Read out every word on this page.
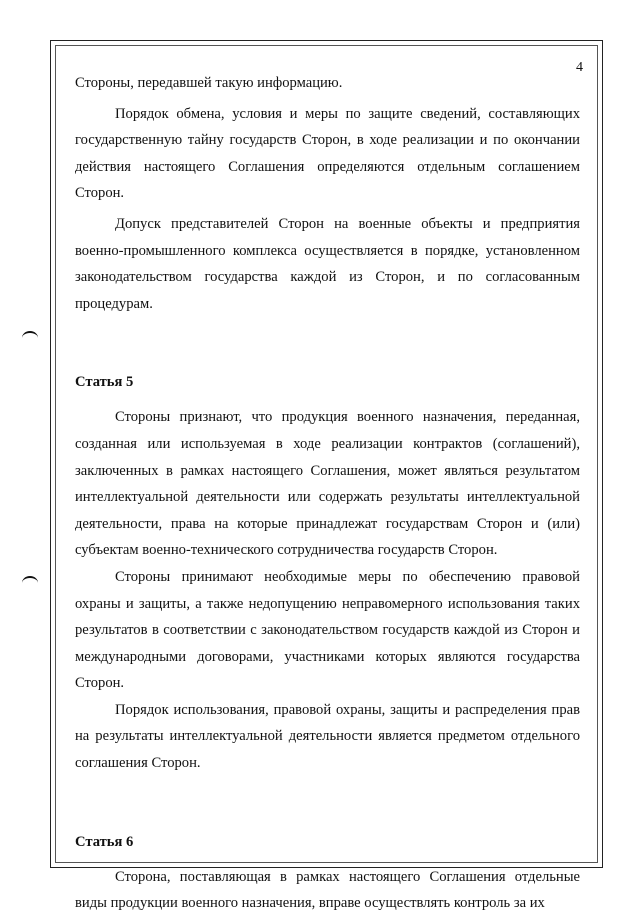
4

Стороны, передавшей такую информацию.

Порядок обмена, условия и меры по защите сведений, составляющих государственную тайну государств Сторон, в ходе реализации и по окончании действия настоящего Соглашения определяются отдельным соглашением Сторон.

Допуск представителей Сторон на военные объекты и предприятия военно-промышленного комплекса осуществляется в порядке, установленном законодательством государства каждой из Сторон, и по согласованным процедурам.

Статья 5

Стороны признают, что продукция военного назначения, переданная, созданная или используемая в ходе реализации контрактов (соглашений), заключенных в рамках настоящего Соглашения, может являться результатом интеллектуальной деятельности или содержать результаты интеллектуальной деятельности, права на которые принадлежат государствам Сторон и (или) субъектам военно-технического сотрудничества государств Сторон.

Стороны принимают необходимые меры по обеспечению правовой охраны и защиты, а также недопущению неправомерного использования таких результатов в соответствии с законодательством государств каждой из Сторон и международными договорами, участниками которых являются государства Сторон.

Порядок использования, правовой охраны, защиты и распределения прав на результаты интеллектуальной деятельности является предметом отдельного соглашения Сторон.

Статья 6

Сторона, поставляющая в рамках настоящего Соглашения отдельные виды продукции военного назначения, вправе осуществлять контроль за их
